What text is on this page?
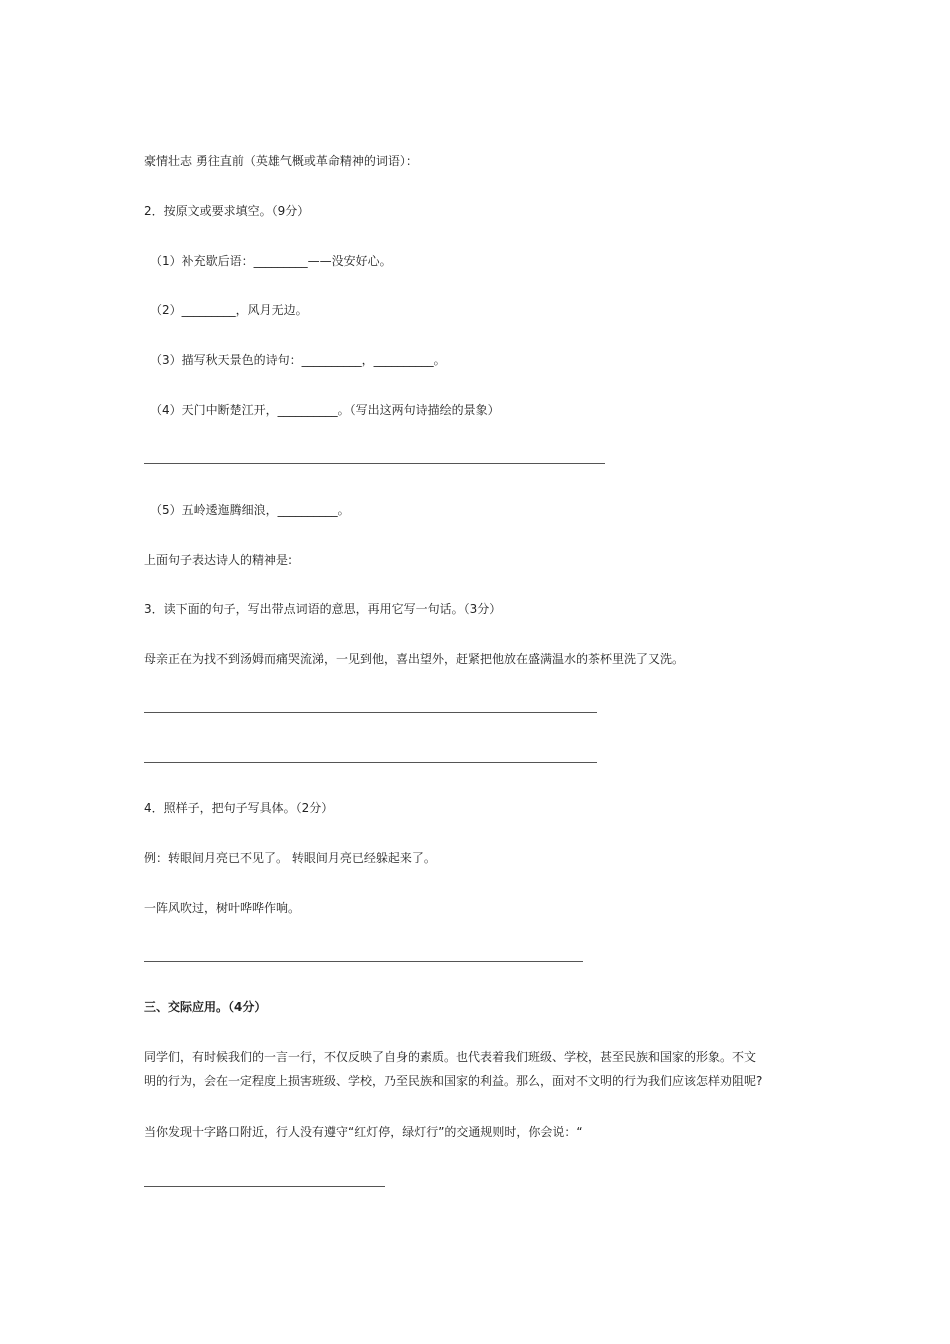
豪情壮志 勇往直前（英雄气概或革命精神的词语）：
2．按原文或要求填空。（9分）
（1）补充歇后语：_________——没安好心。
（2）_________，风月无边。
（3）描写秋天景色的诗句：__________，__________。
（4）天门中断楚江开，__________。（写出这两句诗描绘的景象）
（5）五岭逶迤腾细浪，__________。
上面句子表达诗人的精神是:
3．读下面的句子，写出带点词语的意思，再用它写一句话。（3分）
母亲正在为找不到汤姆而痛哭流涕，一见到他，喜出望外，赶紧把他放在盛满温水的茶杯里洗了又洗。
4．照样子，把句子写具体。（2分）
例：转眼间月亮已不见了。 转眼间月亮已经躲起来了。
一阵风吹过，树叶哗哗作响。
三、交际应用。（4分）
同学们，有时候我们的一言一行，不仅反映了自身的素质。也代表着我们班级、学校，甚至民族和国家的形象。不文
明的行为，会在一定程度上损害班级、学校，乃至民族和国家的利益。那么，面对不文明的行为我们应该怎样劝阻呢?
当你发现十字路口附近，行人没有遵守“红灯停，绿灯行”的交通规则时，你会说：“
